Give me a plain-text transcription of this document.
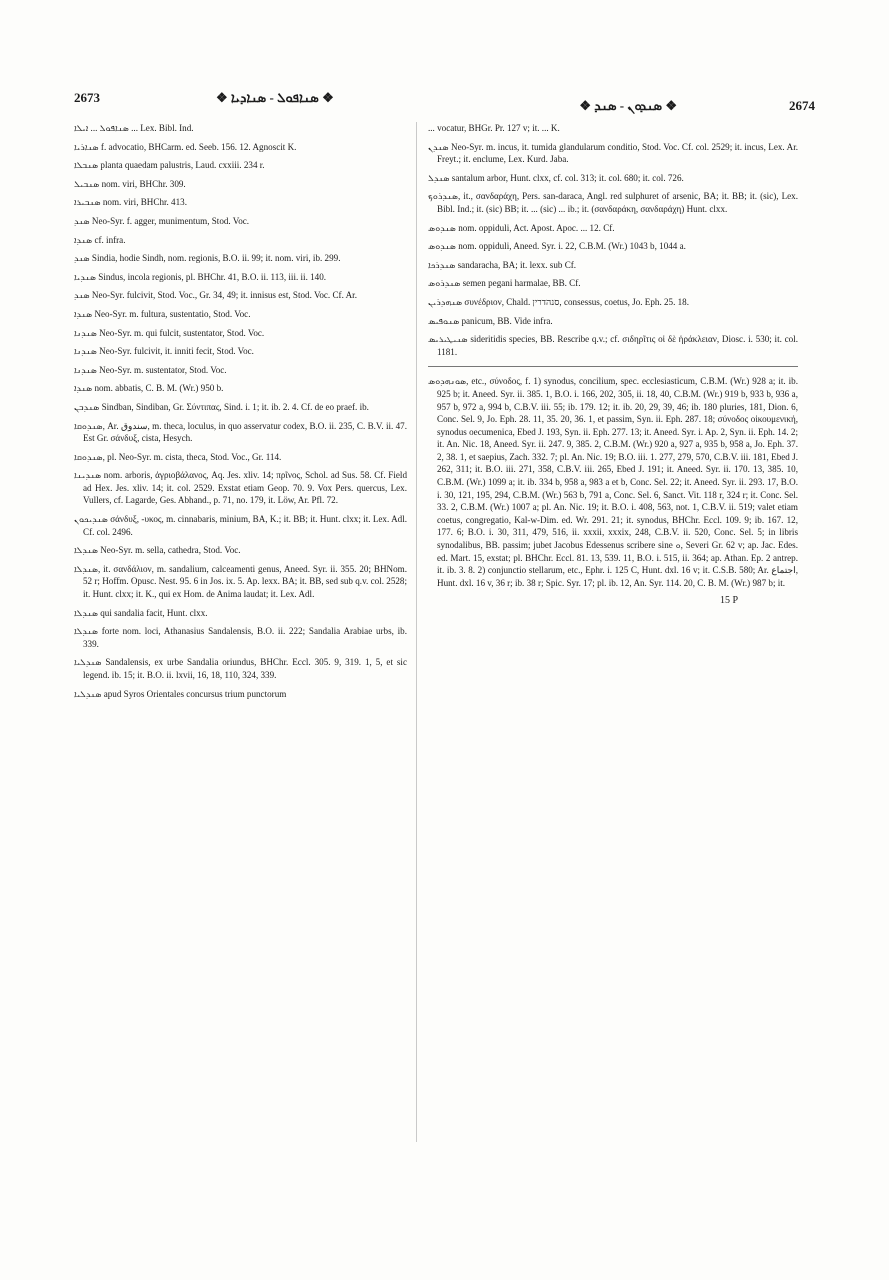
2673	❖ ܣܢܐܦܘܠ - ܣܢܐܕܝܐ ❖
❖ ܣܢܕܘܢ - ܣܢܕ ❖	2674

ܣܢܐܦܘܠ ... ܐܝܠܐ ... Lex. Bibl. Ind.

ܣܢܐܪܝܐ f. advocatio, BHCarm. ed. Seeb. 156. 12. Agnoscit K.

ܣܢܒܠܐ planta quaedam palustris, Laud. cxxiii. 234 r.

ܣܢܒܝܠ nom. viri, BHChr. 309.

ܣܢܒܝܪܐ nom. viri, BHChr. 413.

ܣܢܕ Neo-Syr. f. agger, munimentum, Stod. Voc.

ܣܢܕܐ cf. infra.

ܣܢܕ Sindia, hodie Sindh, nom. regionis, B.O. ii. 99; it. nom. viri, ib. 299.

ܣܢܕܝܐ Sindus, incola regionis, pl. BHChr. 41, B.O. ii. 113, iii. ii. 140.

ܣܢܕ Neo-Syr. fulcivit, Stod. Voc., Gr. 34, 49; it. innisus est, Stod. Voc. Cf. Ar.

ܣܢܕܐ Neo-Syr. m. fultura, sustentatio, Stod. Voc.

ܣܢܕܢܐ Neo-Syr. m. qui fulcit, sustentator, Stod. Voc.

ܣܢܕܢܐ Neo-Syr. fulcivit, it. inniti fecit, Stod. Voc.

ܣܢܕܢܐ Neo-Syr. m. sustentator, Stod. Voc.

ܣܢܕܐ nom. abbatis, C. B. M. (Wr.) 950 b.

ܣܢܕܒܢ Sindban, Sindiban, Gr. Σύντιπας, Sind. i. 1; it. ib. 2. 4. Cf. de eo praef. ib.

ܣܢܕܘܩܐ, Ar. سندوق, m. theca, loculus, in quo asservatur codex, B.O. ii. 235, C. B.V. ii. 47. Est Gr. σάνδυξ, cista, Hesych.

ܣܢܕܘܩܐ, pl. Neo-Syr. m. cista, theca, Stod. Voc., Gr. 114.

ܣܢܕܝܢܐ nom. arboris, ἀγριοβάλανος, Aq. Jes. xliv. 14; πρῖνος, Schol. ad Sus. 58. Cf. Field ad Hex. Jes. xliv. 14; it. col. 2529. Exstat etiam Geop. 70. 9. Vox Pers. quercus, Lex. Vullers, cf. Lagarde, Ges. Abhand., p. 71, no. 179, it. Löw, Ar. Pfl. 72.

ܣܢܕܝܟܘܢ σάνδυξ, -υκος, m. cinnabaris, minium, BA, K.; it. BB; it. Hunt. clxx; it. Lex. Adl. Cf. col. 2496.

ܣܢܕܠܐ Neo-Syr. m. sella, cathedra, Stod. Voc.

ܣܢܕܠܐ, it. σανδάλιον, m. sandalium, calceamenti genus, Aneed. Syr. ii. 355. 20; BHNom. 52 r; Hoffm. Opusc. Nest. 95. 6 in Jos. ix. 5. Ap. lexx. BA; it. BB, sed sub q.v. col. 2528; it. Hunt. clxx; it. K., qui ex Hom. de Anima laudat; it. Lex. Adl.

ܣܢܕܠܐ qui sandalia facit, Hunt. clxx.

ܣܢܕܠܐ forte nom. loci, Athanasius Sandalensis, B.O. ii. 222; Sandalia Arabiae urbs, ib. 339.

ܣܢܕܠܝܐ Sandalensis, ex urbe Sandalia oriundus, BHChr. Eccl. 305. 9, 319. 1, 5, et sic legend. ib. 15; it. B.O. ii. lxvii, 16, 18, 110, 324, 339.

ܣܢܕܠܝܐ apud Syros Orientales concursus trium punctorum

... vocatur, BHGr. Pr. 127 v; it. ... K.

ܣܢܕܢ Neo-Syr. m. incus, it. tumida glandularum conditio, Stod. Voc. Cf. col. 2529; it. incus, Lex. Ar. Freyt.; it. enclume, Lex. Kurd. Jaba.

ܣܢܕܠ santalum arbor, Hunt. clxx, cf. col. 313; it. col. 680; it. col. 726.

ܣܢܕܪܘܟ, it., σανδαράχη, Pers. san-daraca, Angl. red sulphuret of arsenic, BA; it. BB; it. (sic), Lex. Bibl. Ind.; it. (sic) BB; it. ... (sic) ... ib.; it. (σανδαράκη, σανδαράχη) Hunt. clxx.

ܣܢܕܘܣ nom. oppiduli, Act. Apost. Apoc. ... 12. Cf.

ܣܢܕܘܣ nom. oppiduli, Aneed. Syr. i. 22, C.B.M. (Wr.) 1043 b, 1044 a.

ܣܢܕܪܟܐ sandaracha, BA; it. lexx. sub Cf.

ܣܢܕܪܘܣ semen pegani harmalae, BB. Cf.

ܣܢܗܕܪܝܢ συνέδριον, Chald. סנהדרין, consessus, coetus, Jo. Eph. 25. 18.

ܣܢܘܦܝܣ panicum, BB. Vide infra.

ܣܢܝܛܝܪܝܣ sideritidis species, BB. Rescribe q.v.; cf. σιδηρῖτις οἱ δὲ ἡράκλειαν, Diosc. i. 530; it. col. 1181.

ܣܘܢܗܕܘܣ, etc., σύνοδος, f. 1) synodus, concilium, spec. ecclesiasticum, C.B.M. (Wr.) 928 a; it. ib. 925 b; it. Aneed. Syr. ii. 385. 1, B.O. i. 166, 202, 305, ii. 18, 40, C.B.M. (Wr.) 919 b, 933 b, 936 a, 957 b, 972 a, 994 b, C.B.V. iii. 55; ib. 179. 12; it. ib. 20, 29, 39, 46; ib. 180 pluries, 181, Dion. 6, Conc. Sel. 9, Jo. Eph. 28. 11, 35. 20, 36. 1, et passim, Syn. ii. Eph. 287. 18; σύνοδος οἰκουμενική, synodus oecumenica, Ebed J. 193, Syn. ii. Eph. 277. 13; it. Aneed. Syr. i. Ap. 2, Syn. ii. Eph. 14. 2; it. An. Nic. 18, Aneed. Syr. ii. 247. 9, 385. 2, C.B.M. (Wr.) 920 a, 927 a, 935 b, 958 a, Jo. Eph. 37. 2, 38. 1, et saepius, Zach. 332. 7; pl. An. Nic. 19; B.O. iii. 1. 277, 279, 570, C.B.V. iii. 181, Ebed J. 262, 311; it. B.O. iii. 271, 358, C.B.V. iii. 265, Ebed J. 191; it. Aneed. Syr. ii. 170. 13, 385. 10, C.B.M. (Wr.) 1099 a; it. ib. 334 b, 958 a, 983 a et b, Conc. Sel. 22; it. Aneed. Syr. ii. 293. 17, B.O. i. 30, 121, 195, 294, C.B.M. (Wr.) 563 b, 791 a, Conc. Sel. 6, Sanct. Vit. 118 r, 324 r; it. Conc. Sel. 33. 2, C.B.M. (Wr.) 1007 a; pl. An. Nic. 19; it. B.O. i. 408, 563, not. 1, C.B.V. ii. 519; valet etiam coetus, congregatio, Kal-w-Dim. ed. Wr. 291. 21; it. synodus, BHChr. Eccl. 109. 9; ib. 167. 12, 177. 6; B.O. i. 30, 311, 479, 516, ii. xxxii, xxxix, 248, C.B.V. ii. 520, Conc. Sel. 5; in libris synodalibus, BB. passim; jubet Jacobus Edessenus scribere sine ܘ, Severi Gr. 62 v; ap. Jac. Edes. ed. Mart. 15, exstat; pl. BHChr. Eccl. 81. 13, 539. 11, B.O. i. 515, ii. 364; ap. Athan. Ep. 2 antrep. it. ib. 3. 8. 2) conjunctio stellarum, etc., Ephr. i. 125 C, Hunt. dxl. 16 v; it. C.S.B. 580; Ar. اجتماع, Hunt. dxl. 16 v, 36 r; ib. 38 r; Spic. Syr. 17; pl. ib. 12, An. Syr. 114. 20, C. B. M. (Wr.) 987 b; it.

15 P
